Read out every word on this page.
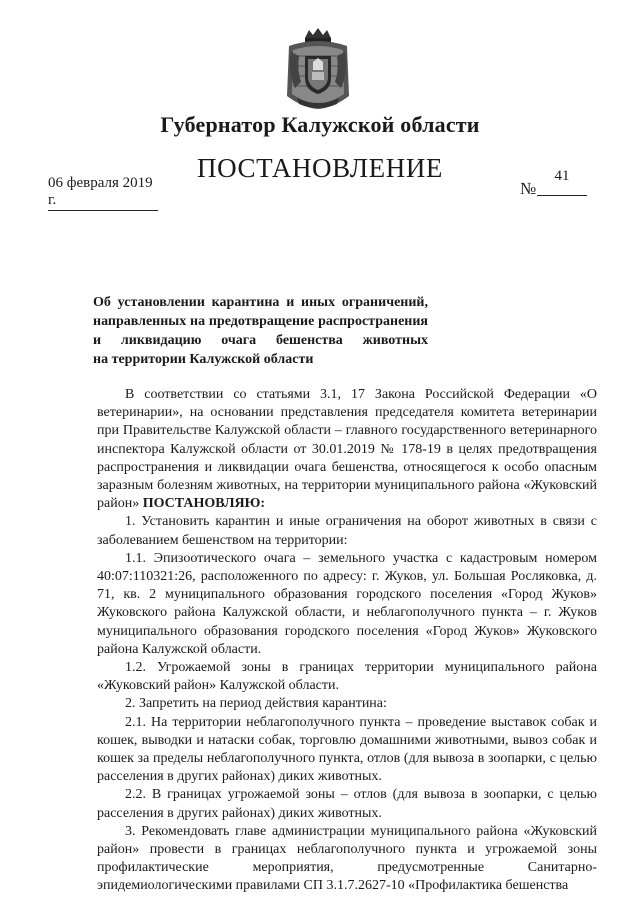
Губернатор Калужской области
ПОСТАНОВЛЕНИЕ
06 февраля 2019 г.
№
41
Об установлении карантина и иных ограничений,
направленных на предотвращение распространения
и ликвидацию очага бешенства животных
на территории Калужской области

В соответствии со статьями 3.1, 17 Закона Российской Федерации «О ветеринарии», на основании представления председателя комитета ветеринарии при Правительстве Калужской области – главного государственного ветеринарного инспектора Калужской области от 30.01.2019 № 178-19 в целях предотвращения распространения и ликвидации очага бешенства, относящегося к особо опасным заразным болезням животных, на территории муниципального района «Жуковский район» ПОСТАНОВЛЯЮ:

1. Установить карантин и иные ограничения на оборот животных в связи с заболеванием бешенством на территории:

1.1. Эпизоотического очага – земельного участка с кадастровым номером 40:07:110321:26, расположенного по адресу: г. Жуков, ул. Большая Росляковка, д. 71, кв. 2 муниципального образования городского поселения «Город Жуков» Жуковского района Калужской области, и неблагополучного пункта – г. Жуков муниципального образования городского поселения «Город Жуков» Жуковского района Калужской области.

1.2. Угрожаемой зоны в границах территории муниципального района «Жуковский район» Калужской области.

2. Запретить на период действия карантина:

2.1. На территории неблагополучного пункта – проведение выставок собак и кошек, выводки и натаски собак, торговлю домашними животными, вывоз собак и кошек за пределы неблагополучного пункта, отлов (для вывоза в зоопарки, с целью расселения в других районах) диких животных.

2.2. В границах угрожаемой зоны – отлов (для вывоза в зоопарки, с целью расселения в других районах) диких животных.

3. Рекомендовать главе администрации муниципального района «Жуковский район» провести в границах неблагополучного пункта и угрожаемой зоны профилактические мероприятия, предусмотренные Санитарно-эпидемиологическими правилами СП 3.1.7.2627-10 «Профилактика бешенства
